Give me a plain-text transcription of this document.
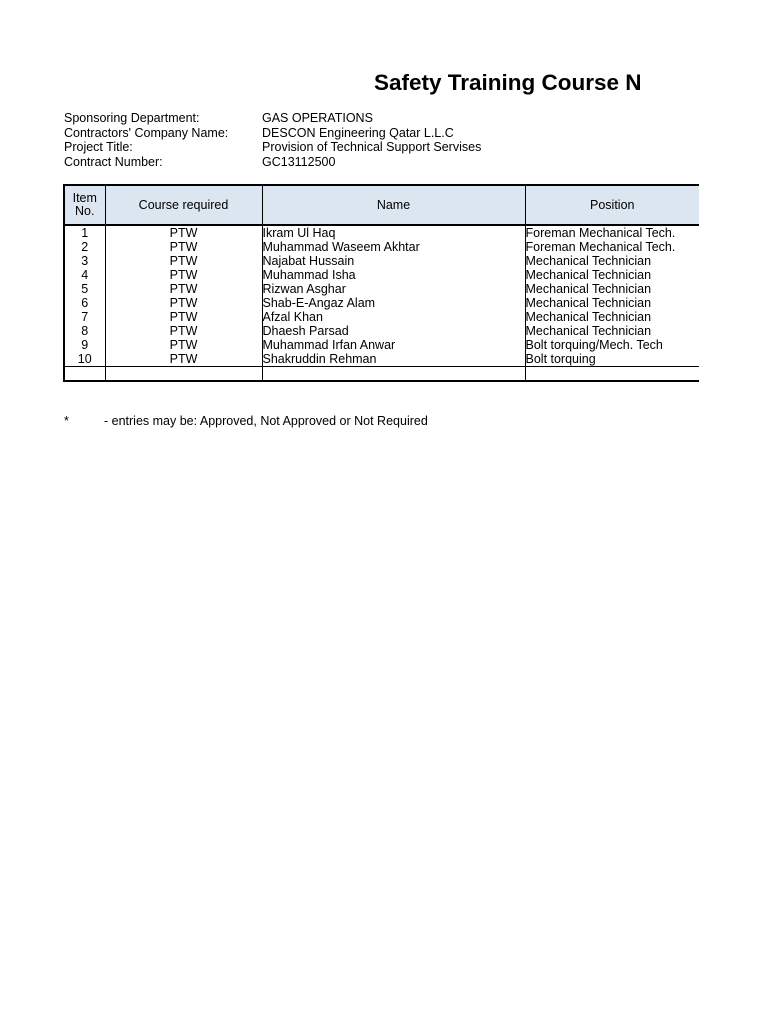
Safety Training Course N
Sponsoring Department:	GAS OPERATIONS
Contractors' Company Name:	DESCON Engineering Qatar L.L.C
Project Title:	Provision of Technical Support Servises
Contract Number:	GC13112500
Item
No.	Course required	Name	Position
1	PTW	Ikram Ul Haq	Foreman Mechanical Tech.
2	PTW	Muhammad Waseem Akhtar	Foreman Mechanical Tech.
3	PTW	Najabat Hussain	Mechanical Technician
4	PTW	Muhammad Isha	Mechanical Technician
5	PTW	Rizwan Asghar	Mechanical Technician
6	PTW	Shab-E-Angaz Alam	Mechanical Technician
7	PTW	Afzal Khan	Mechanical Technician
8	PTW	Dhaesh Parsad	Mechanical Technician
9	PTW	Muhammad Irfan Anwar	Bolt torquing/Mech. Tech
10	PTW	Shakruddin Rehman	Bolt torquing

*	- entries may be: Approved, Not Approved or Not Required
